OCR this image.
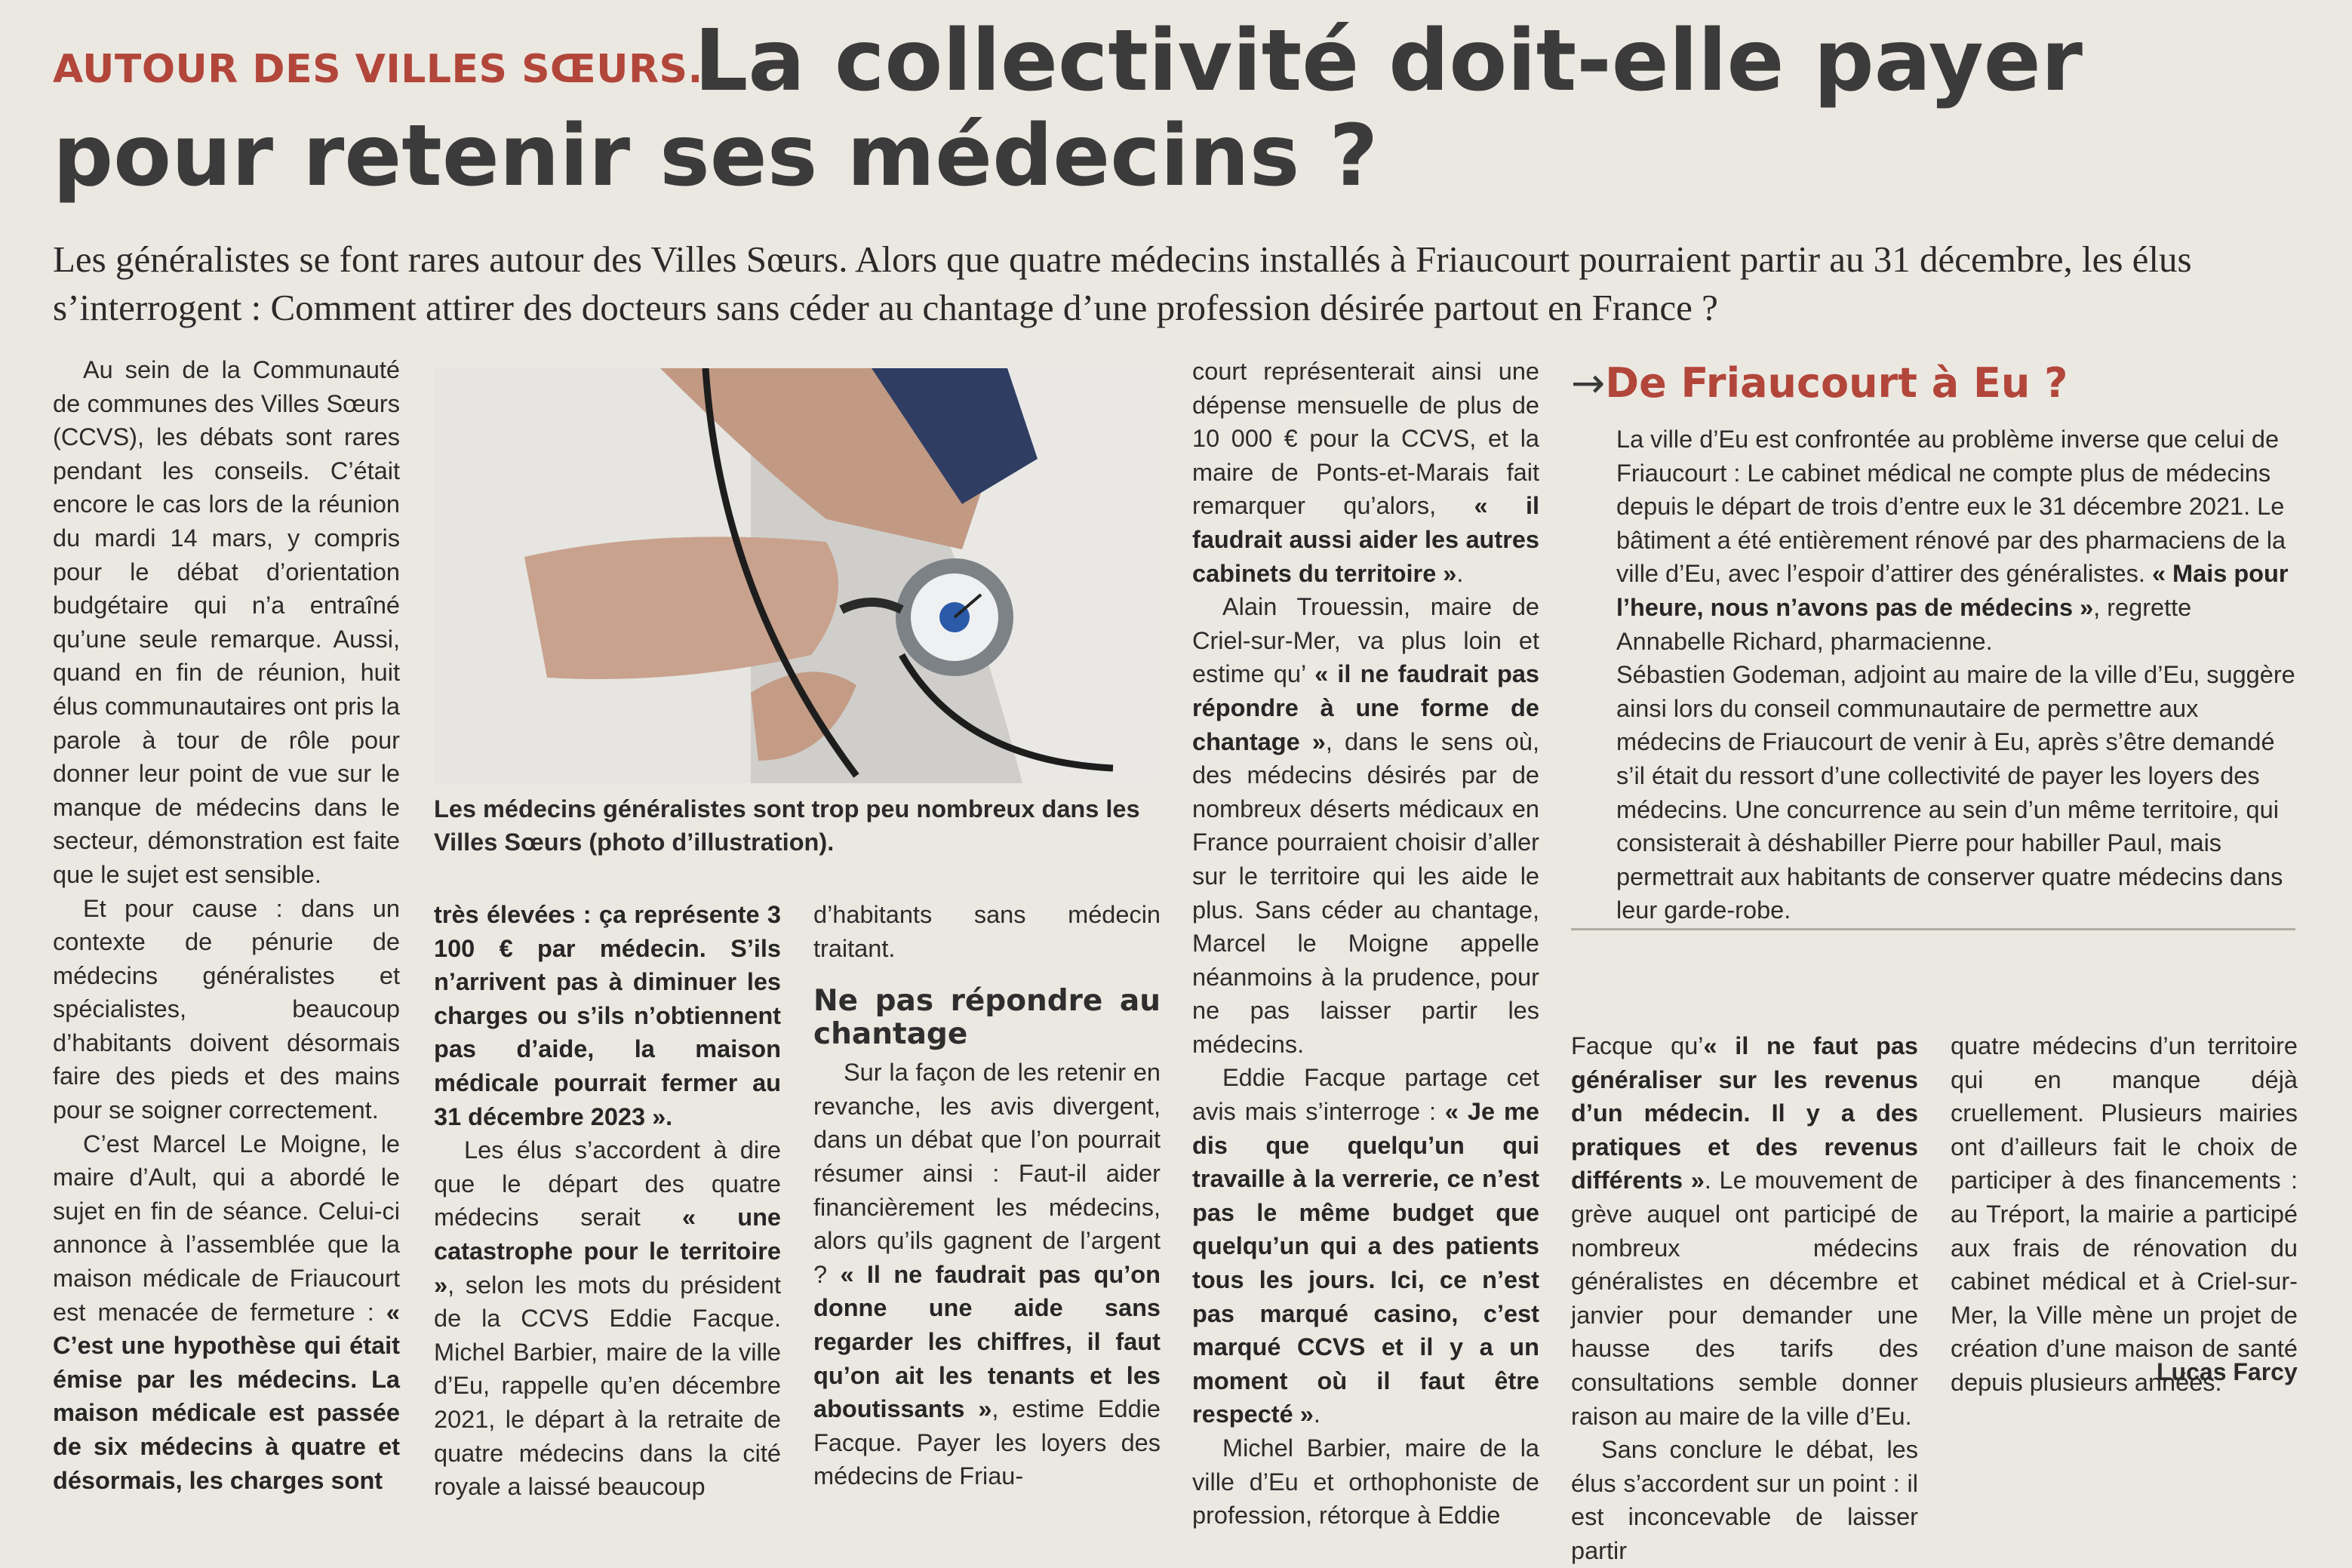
La collectivité doit-elle payer pour retenir ses médecins ?
AUTOUR DES VILLES SŒURS.

Les généralistes se font rares autour des Villes Sœurs. Alors que quatre médecins installés à Friaucourt pourraient partir au 31 décembre, les élus s’interrogent : Comment attirer des docteurs sans céder au chantage d’une profession désirée partout en France ?

Au sein de la Communauté de communes des Villes Sœurs (CCVS), les débats sont rares pendant les conseils. C’était encore le cas lors de la réunion du mardi 14 mars, y compris pour le débat d’orientation budgétaire qui n’a entraîné qu’une seule remarque. Aussi, quand en fin de réunion, huit élus communautaires ont pris la parole à tour de rôle pour donner leur point de vue sur le manque de médecins dans le secteur, démonstration est faite que le sujet est sensible.

Et pour cause : dans un contexte de pénurie de médecins généralistes et spécialistes, beaucoup d’habitants doivent désormais faire des pieds et des mains pour se soigner correctement.

C’est Marcel Le Moigne, le maire d’Ault, qui a abordé le sujet en fin de séance. Celui-ci annonce à l’assemblée que la maison médicale de Friaucourt est menacée de fermeture : « C’est une hypothèse qui était émise par les médecins. La maison médicale est passée de six médecins à quatre et désormais, les charges sont

Les médecins généralistes sont trop peu nombreux dans les Villes Sœurs (photo d’illustration).

très élevées : ça représente 3 100 € par médecin. S’ils n’arrivent pas à diminuer les charges ou s’ils n’obtiennent pas d’aide, la maison médicale pourrait fermer au 31 décembre 2023 ».

Les élus s’accordent à dire que le départ des quatre médecins serait « une catastrophe pour le territoire », selon les mots du président de la CCVS Eddie Facque. Michel Barbier, maire de la ville d’Eu, rappelle qu’en décembre 2021, le départ à la retraite de quatre médecins dans la cité royale a laissé beaucoup

d’habitants sans médecin traitant.

Ne pas répondre au chantage

Sur la façon de les retenir en revanche, les avis divergent, dans un débat que l’on pourrait résumer ainsi : Faut-il aider financièrement les médecins, alors qu’ils gagnent de l’argent ? « Il ne faudrait pas qu’on donne une aide sans regarder les chiffres, il faut qu’on ait les tenants et les aboutissants », estime Eddie Facque. Payer les loyers des médecins de Friau-

court représenterait ainsi une dépense mensuelle de plus de 10 000 € pour la CCVS, et la maire de Ponts-et-Marais fait remarquer qu’alors, « il faudrait aussi aider les autres cabinets du territoire ».

Alain Trouessin, maire de Criel-sur-Mer, va plus loin et estime qu’ « il ne faudrait pas répondre à une forme de chantage », dans le sens où, des médecins désirés par de nombreux déserts médicaux en France pourraient choisir d’aller sur le territoire qui les aide le plus. Sans céder au chantage, Marcel le Moigne appelle néanmoins à la prudence, pour ne pas laisser partir les médecins.

Eddie Facque partage cet avis mais s’interroge : « Je me dis que quelqu’un qui travaille à la verrerie, ce n’est pas le même budget que quelqu’un qui a des patients tous les jours. Ici, ce n’est pas marqué casino, c’est marqué CCVS et il y a un moment où il faut être respecté ».

Michel Barbier, maire de la ville d’Eu et orthophoniste de profession, rétorque à Eddie

→De Friaucourt à Eu ?

La ville d’Eu est confrontée au problème inverse que celui de Friaucourt : Le cabinet médical ne compte plus de médecins depuis le départ de trois d’entre eux le 31 décembre 2021. Le bâtiment a été entièrement rénové par des pharmaciens de la ville d’Eu, avec l’espoir d’attirer des généralistes. « Mais pour l’heure, nous n’avons pas de médecins », regrette Annabelle Richard, pharmacienne.

Sébastien Godeman, adjoint au maire de la ville d’Eu, suggère ainsi lors du conseil communautaire de permettre aux médecins de Friaucourt de venir à Eu, après s’être demandé s’il était du ressort d’une collectivité de payer les loyers des médecins. Une concurrence au sein d’un même territoire, qui consisterait à déshabiller Pierre pour habiller Paul, mais permettrait aux habitants de conserver quatre médecins dans leur garde-robe.

Facque qu’« il ne faut pas généraliser sur les revenus d’un médecin. Il y a des pratiques et des revenus différents ». Le mouvement de grève auquel ont participé de nombreux médecins généralistes en décembre et janvier pour demander une hausse des tarifs des consultations semble donner raison au maire de la ville d’Eu.

Sans conclure le débat, les élus s’accordent sur un point : il est inconcevable de laisser partir

quatre médecins d’un territoire qui en manque déjà cruellement. Plusieurs mairies ont d’ailleurs fait le choix de participer à des financements : au Tréport, la mairie a participé aux frais de rénovation du cabinet médical et à Criel-sur-Mer, la Ville mène un projet de création d’une maison de santé depuis plusieurs années.

Lucas Farcy
